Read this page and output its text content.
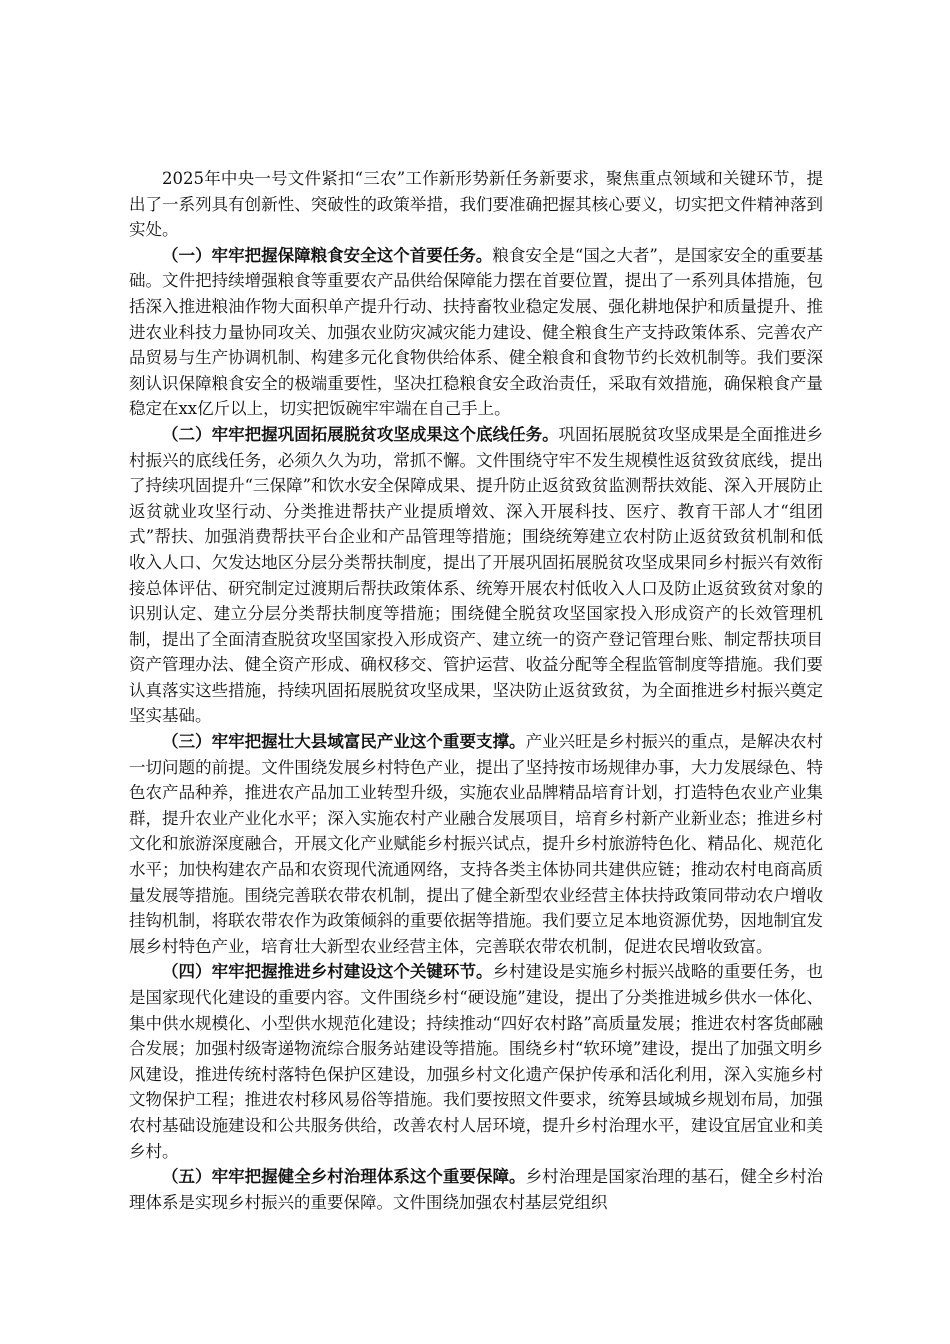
2025年中央一号文件紧扣“三农”工作新形势新任务新要求，聚焦重点领域和关键环节，提出了一系列具有创新性、突破性的政策举措，我们要准确把握其核心要义，切实把文件精神落到实处。

（一）牢牢把握保障粮食安全这个首要任务。粮食安全是“国之大者”，是国家安全的重要基础。文件把持续增强粮食等重要农产品供给保障能力摆在首要位置，提出了一系列具体措施，包括深入推进粮油作物大面积单产提升行动、扶持畜牧业稳定发展、强化耕地保护和质量提升、推进农业科技力量协同攻关、加强农业防灾减灾能力建设、健全粮食生产支持政策体系、完善农产品贸易与生产协调机制、构建多元化食物供给体系、健全粮食和食物节约长效机制等。我们要深刻认识保障粮食安全的极端重要性，坚决扛稳粮食安全政治责任，采取有效措施，确保粮食产量稳定在xx亿斤以上，切实把饭碗牢牢端在自己手上。

（二）牢牢把握巩固拓展脱贫攻坚成果这个底线任务。巩固拓展脱贫攻坚成果是全面推进乡村振兴的底线任务，必须久久为功，常抓不懈。文件围绕守牢不发生规模性返贫致贫底线，提出了持续巩固提升“三保障”和饮水安全保障成果、提升防止返贫致贫监测帮扶效能、深入开展防止返贫就业攻坚行动、分类推进帮扶产业提质增效、深入开展科技、医疗、教育干部人才“组团式”帮扶、加强消费帮扶平台企业和产品管理等措施；围绕统筹建立农村防止返贫致贫机制和低收入人口、欠发达地区分层分类帮扶制度，提出了开展巩固拓展脱贫攻坚成果同乡村振兴有效衔接总体评估、研究制定过渡期后帮扶政策体系、统筹开展农村低收入人口及防止返贫致贫对象的识别认定、建立分层分类帮扶制度等措施；围绕健全脱贫攻坚国家投入形成资产的长效管理机制，提出了全面清查脱贫攻坚国家投入形成资产、建立统一的资产登记管理台账、制定帮扶项目资产管理办法、健全资产形成、确权移交、管护运营、收益分配等全程监管制度等措施。我们要认真落实这些措施，持续巩固拓展脱贫攻坚成果，坚决防止返贫致贫，为全面推进乡村振兴奠定坚实基础。

（三）牢牢把握壮大县域富民产业这个重要支撑。产业兴旺是乡村振兴的重点，是解决农村一切问题的前提。文件围绕发展乡村特色产业，提出了坚持按市场规律办事，大力发展绿色、特色农产品种养，推进农产品加工业转型升级，实施农业品牌精品培育计划，打造特色农业产业集群，提升农业产业化水平；深入实施农村产业融合发展项目，培育乡村新产业新业态；推进乡村文化和旅游深度融合，开展文化产业赋能乡村振兴试点，提升乡村旅游特色化、精品化、规范化水平；加快构建农产品和农资现代流通网络，支持各类主体协同共建供应链；推动农村电商高质量发展等措施。围绕完善联农带农机制，提出了健全新型农业经营主体扶持政策同带动农户增收挂钩机制，将联农带农作为政策倾斜的重要依据等措施。我们要立足本地资源优势，因地制宜发展乡村特色产业，培育壮大新型农业经营主体，完善联农带农机制，促进农民增收致富。

（四）牢牢把握推进乡村建设这个关键环节。乡村建设是实施乡村振兴战略的重要任务，也是国家现代化建设的重要内容。文件围绕乡村“硬设施”建设，提出了分类推进城乡供水一体化、集中供水规模化、小型供水规范化建设；持续推动“四好农村路”高质量发展；推进农村客货邮融合发展；加强村级寄递物流综合服务站建设等措施。围绕乡村“软环境”建设，提出了加强文明乡风建设，推进传统村落特色保护区建设，加强乡村文化遗产保护传承和活化利用，深入实施乡村文物保护工程；推进农村移风易俗等措施。我们要按照文件要求，统筹县域城乡规划布局，加强农村基础设施建设和公共服务供给，改善农村人居环境，提升乡村治理水平，建设宜居宜业和美乡村。

（五）牢牢把握健全乡村治理体系这个重要保障。乡村治理是国家治理的基石，健全乡村治理体系是实现乡村振兴的重要保障。文件围绕加强农村基层党组织
